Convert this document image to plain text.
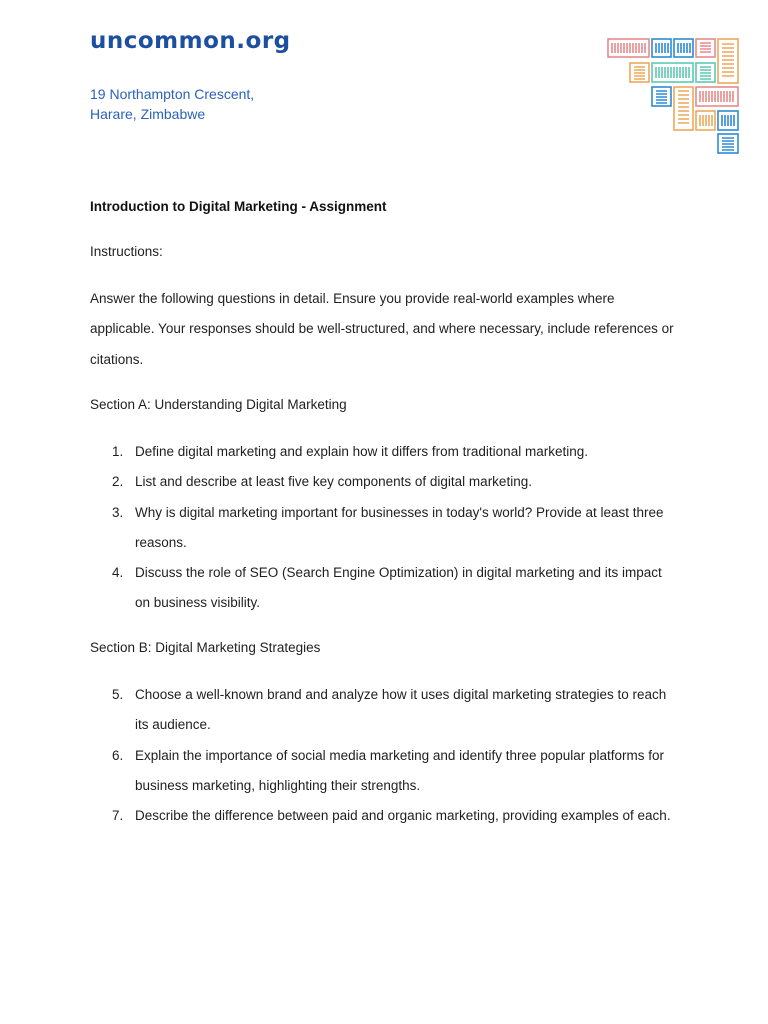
uncommon.org
19 Northampton Crescent,
Harare, Zimbabwe
Introduction to Digital Marketing - Assignment
Instructions:

Answer the following questions in detail. Ensure you provide real-world examples where applicable. Your responses should be well-structured, and where necessary, include references or citations.

Section A: Understanding Digital Marketing
1. Define digital marketing and explain how it differs from traditional marketing.
2. List and describe at least five key components of digital marketing.
3. Why is digital marketing important for businesses in today's world? Provide at least three reasons.
4. Discuss the role of SEO (Search Engine Optimization) in digital marketing and its impact on business visibility.
Section B: Digital Marketing Strategies
5. Choose a well-known brand and analyze how it uses digital marketing strategies to reach its audience.
6. Explain the importance of social media marketing and identify three popular platforms for business marketing, highlighting their strengths.
7. Describe the difference between paid and organic marketing, providing examples of each.
